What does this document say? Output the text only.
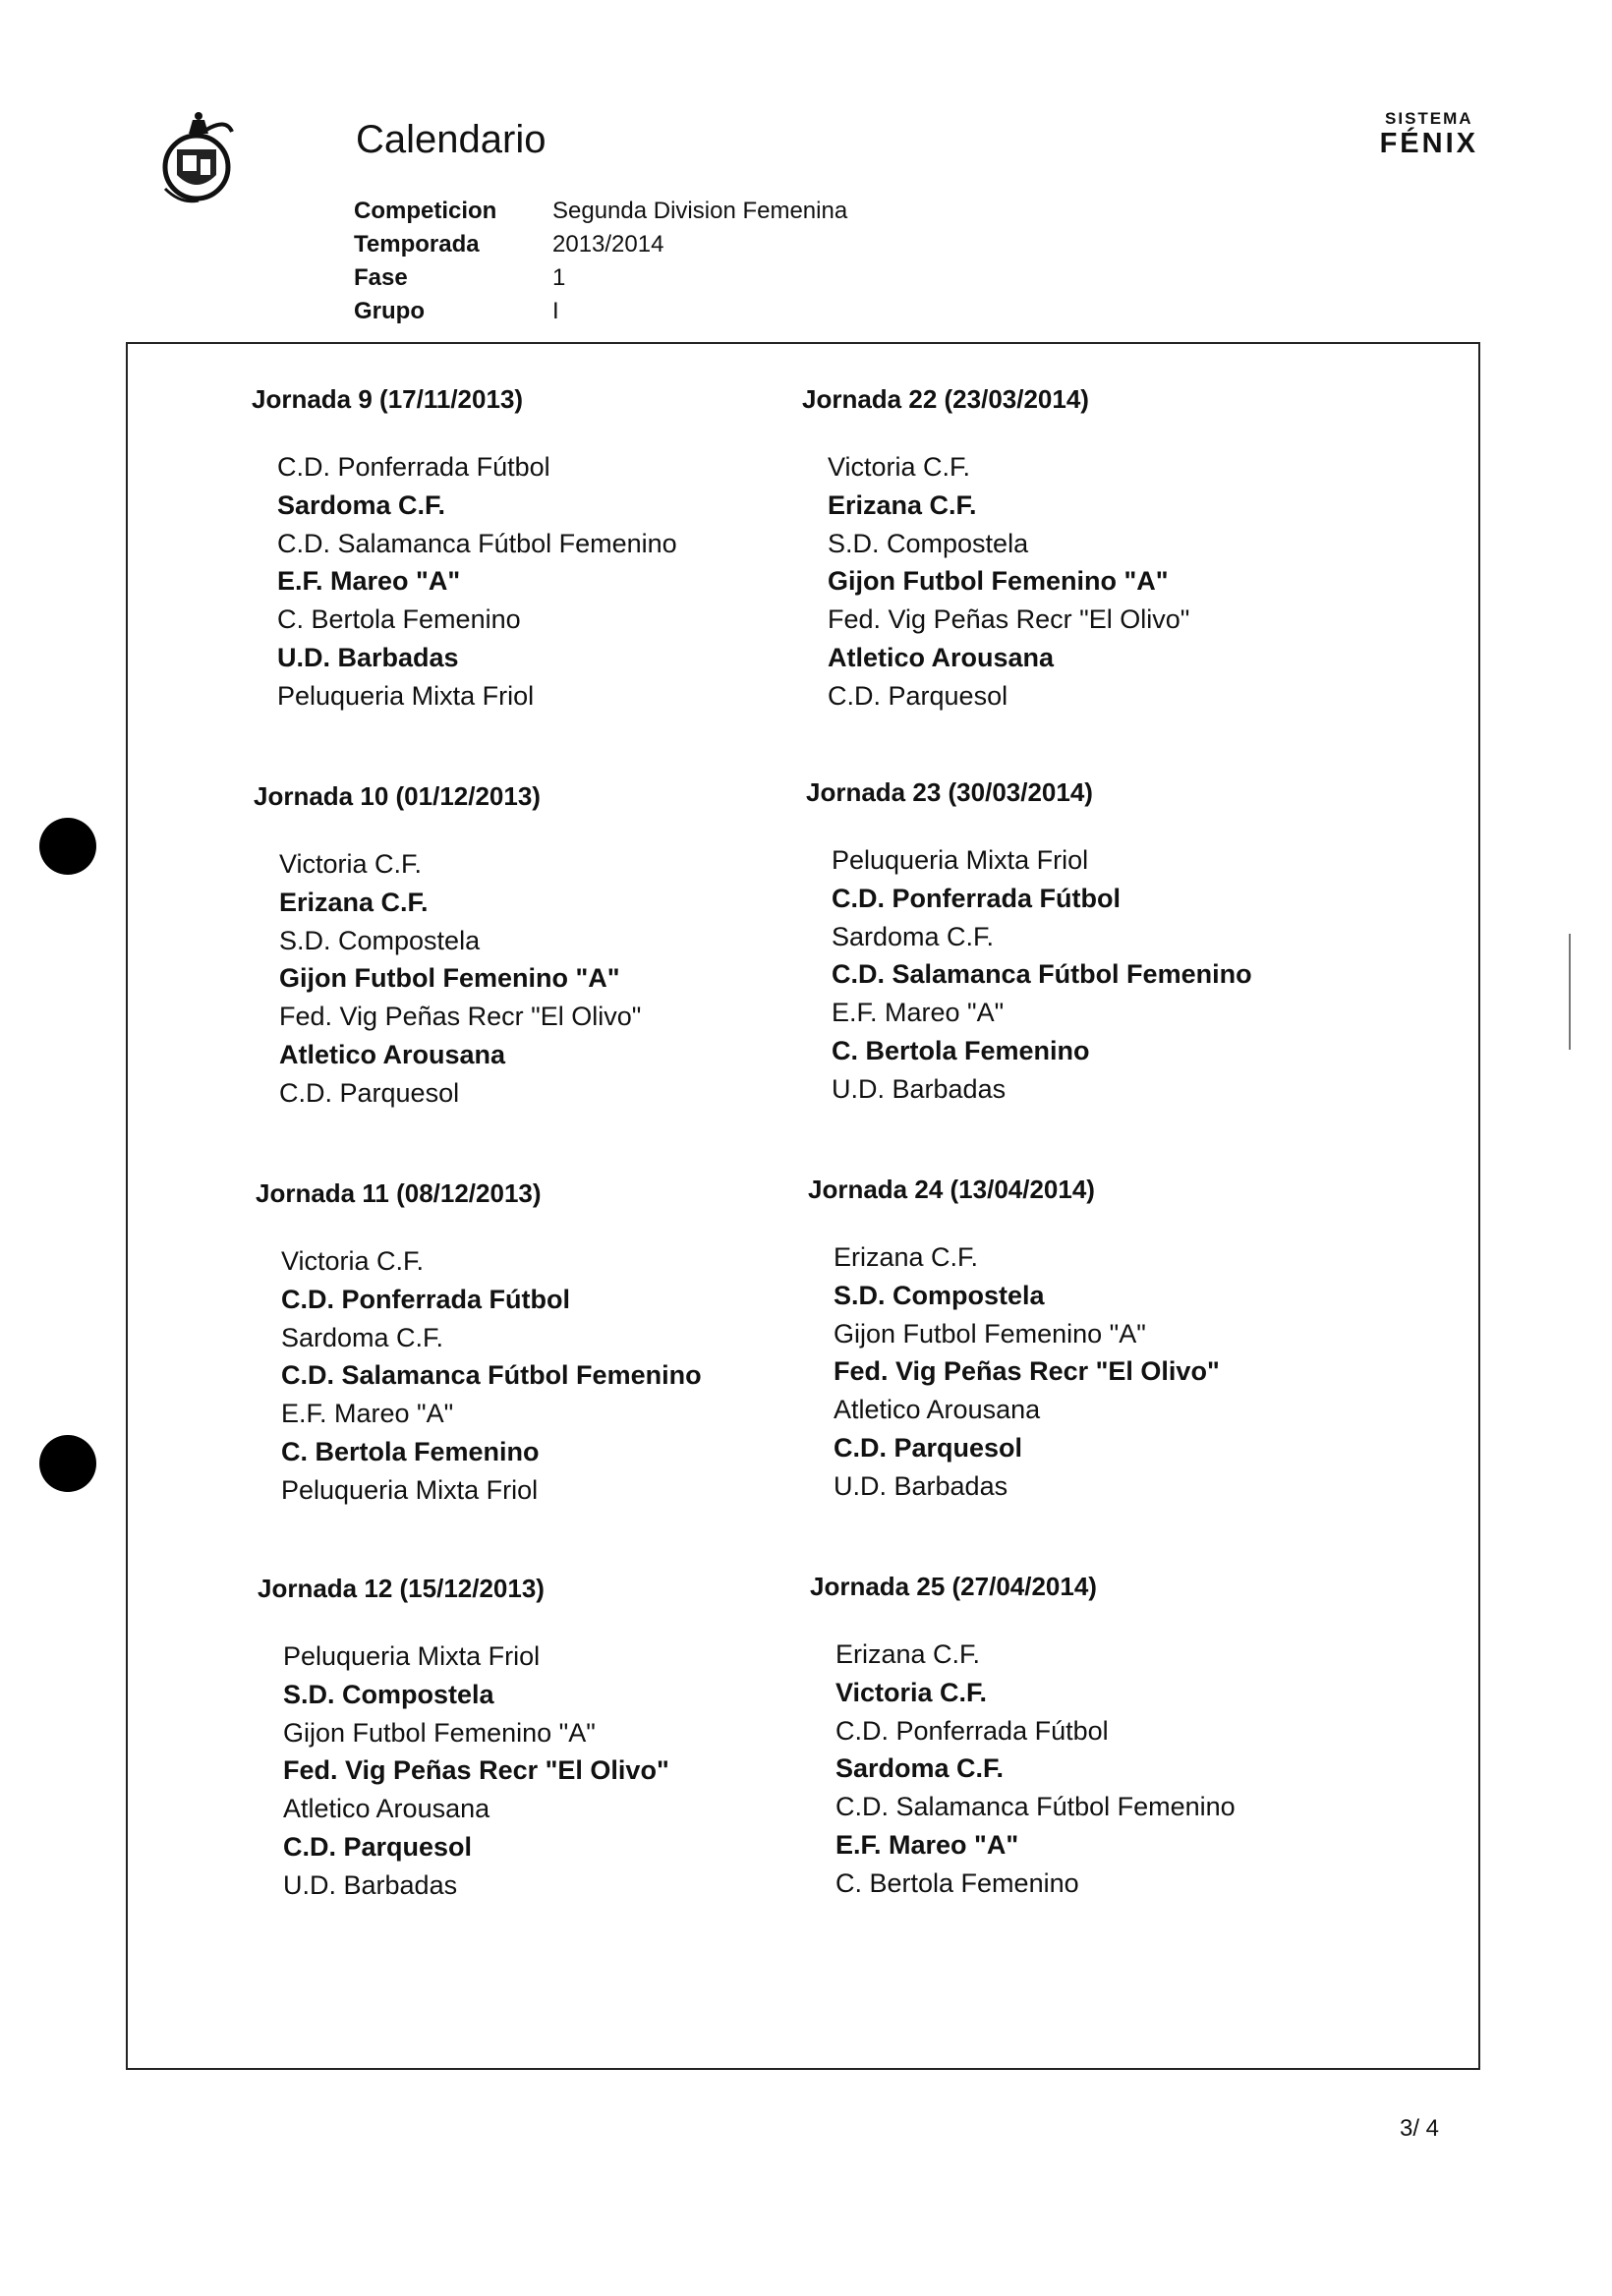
Calendario	SISTEMA
FÉNIX
Competicion	Segunda Division Femenina
Temporada	2013/2014
Fase	1
Grupo	I
Jornada 9 (17/11/2013)
C.D. Ponferrada Fútbol
Sardoma C.F.
C.D. Salamanca Fútbol Femenino
E.F. Mareo "A"
C. Bertola Femenino
U.D. Barbadas
Peluqueria Mixta Friol
Jornada 22 (23/03/2014)
Victoria C.F.
Erizana C.F.
S.D. Compostela
Gijon Futbol Femenino "A"
Fed. Vig Peñas Recr "El Olivo"
Atletico Arousana
C.D. Parquesol
Jornada 10 (01/12/2013)
Victoria C.F.
Erizana C.F.
S.D. Compostela
Gijon Futbol Femenino "A"
Fed. Vig Peñas Recr "El Olivo"
Atletico Arousana
C.D. Parquesol
Jornada 23 (30/03/2014)
Peluqueria Mixta Friol
C.D. Ponferrada Fútbol
Sardoma C.F.
C.D. Salamanca Fútbol Femenino
E.F. Mareo "A"
C. Bertola Femenino
U.D. Barbadas
Jornada 11 (08/12/2013)
Victoria C.F.
C.D. Ponferrada Fútbol
Sardoma C.F.
C.D. Salamanca Fútbol Femenino
E.F. Mareo "A"
C. Bertola Femenino
Peluqueria Mixta Friol
Jornada 24 (13/04/2014)
Erizana C.F.
S.D. Compostela
Gijon Futbol Femenino "A"
Fed. Vig Peñas Recr "El Olivo"
Atletico Arousana
C.D. Parquesol
U.D. Barbadas
Jornada 12 (15/12/2013)
Peluqueria Mixta Friol
S.D. Compostela
Gijon Futbol Femenino "A"
Fed. Vig Peñas Recr "El Olivo"
Atletico Arousana
C.D. Parquesol
U.D. Barbadas
Jornada 25 (27/04/2014)
Erizana C.F.
Victoria C.F.
C.D. Ponferrada Fútbol
Sardoma C.F.
C.D. Salamanca Fútbol Femenino
E.F. Mareo "A"
C. Bertola Femenino
3/ 4
